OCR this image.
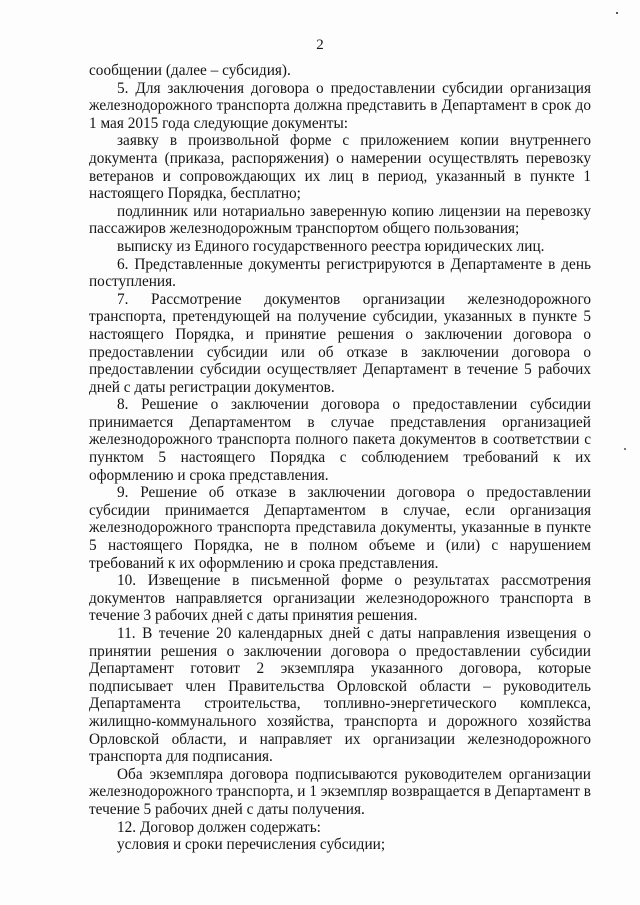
2

сообщении (далее – субсидия).

5. Для заключения договора о предоставлении субсидии организация железнодорожного транспорта должна представить в Департамент в срок до 1 мая 2015 года следующие документы:

заявку в произвольной форме с приложением копии внутреннего документа (приказа, распоряжения) о намерении осуществлять перевозку ветеранов и сопровождающих их лиц в период, указанный в пункте 1 настоящего Порядка, бесплатно;

подлинник или нотариально заверенную копию лицензии на перевозку пассажиров железнодорожным транспортом общего пользования;

выписку из Единого государственного реестра юридических лиц.

6. Представленные документы регистрируются в Департаменте в день поступления.

7. Рассмотрение документов организации железнодорожного транспорта, претендующей на получение субсидии, указанных в пункте 5 настоящего Порядка, и принятие решения о заключении договора о предоставлении субсидии или об отказе в заключении договора о предоставлении субсидии осуществляет Департамент в течение 5 рабочих дней с даты регистрации документов.

8. Решение о заключении договора о предоставлении субсидии принимается Департаментом в случае представления организацией железнодорожного транспорта полного пакета документов в соответствии с пунктом 5 настоящего Порядка с соблюдением требований к их оформлению и срока представления.

9. Решение об отказе в заключении договора о предоставлении субсидии принимается Департаментом в случае, если организация железнодорожного транспорта представила документы, указанные в пункте 5 настоящего Порядка, не в полном объеме и (или) с нарушением требований к их оформлению и срока представления.

10. Извещение в письменной форме о результатах рассмотрения документов направляется организации железнодорожного транспорта в течение 3 рабочих дней с даты принятия решения.

11. В течение 20 календарных дней с даты направления извещения о принятии решения о заключении договора о предоставлении субсидии Департамент готовит 2 экземпляра указанного договора, которые подписывает член Правительства Орловской области – руководитель Департамента строительства, топливно-энергетического комплекса, жилищно-коммунального хозяйства, транспорта и дорожного хозяйства Орловской области, и направляет их организации железнодорожного транспорта для подписания.

Оба экземпляра договора подписываются руководителем организации железнодорожного транспорта, и 1 экземпляр возвращается в Департамент в течение 5 рабочих дней с даты получения.

12. Договор должен содержать:

условия и сроки перечисления субсидии;
